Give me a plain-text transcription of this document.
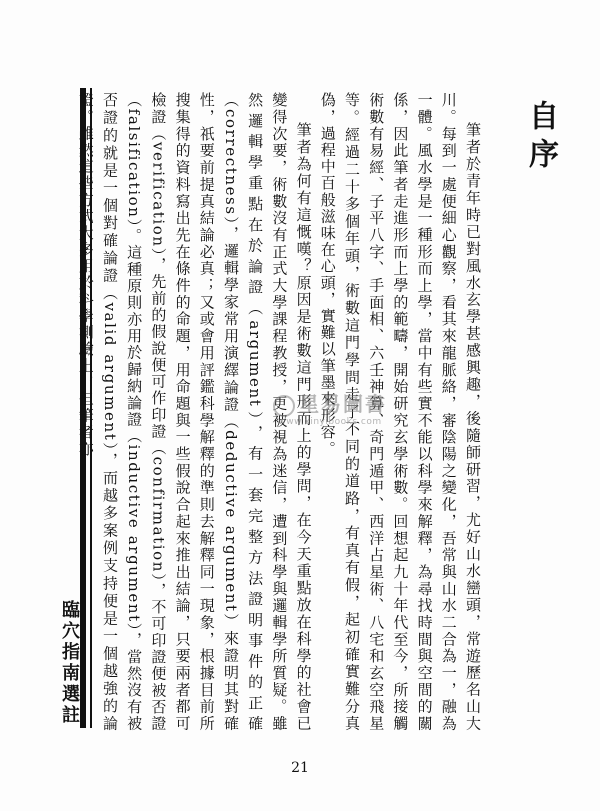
臨穴指南選註
自序

筆者於青年時已對風水玄學甚感興趣，後隨師研習，尤好山水巒頭，常遊歷名山大川。每到一處便細心觀察，看其來龍脈絡，審陰陽之變化，吾常與山水二合為一，融為一體。風水學是一種形而上學，當中有些實不能以科學來解釋，為尋找時間與空間的關係，因此筆者走進形而上學的範疇，開始研究玄學術數。回想起九十年代至今，所接觸術數有易經、子平八字、手面相、六壬神算、奇門遁甲、西洋占星術、八宅和玄空飛星等。經過二十多個年頭，術數這門學問走了不同的道路，有真有假，起初確實難分真偽，過程中百般滋味在心頭，實難以筆墨來形容。

筆者為何有這慨嘆？原因是術數這門形而上的學問，在今天重點放在科學的社會已變得次要，術數沒有正式大學課程教授，更被視為迷信，遭到科學與邏輯學所質疑。雖然邏輯學重點在於論證（argument），有一套完整方法證明事件的正確（correctness），邏輯學家常用演繹論證（deductive argument）來證明其對確性，祇要前提真結論必真；又或會用評鑑科學解釋的準則去解釋同一現象，根據目前所搜集得的資料寫出先在條件的命題，用命題與一些假說合起來推出結論，只要兩者都可檢證（verification），先前的假說便可作印證（confirmation），不可印證便被否證（falsification）。這種原則亦用於歸納論證（inductive argument），當然沒有被否證的就是一個對確論證（valid argument），而越多案例支持便是一個越強的論證。雖然這些方式大多用於科學測驗上，但筆者亦	星易圖書
www.xinyibooks.com
21
